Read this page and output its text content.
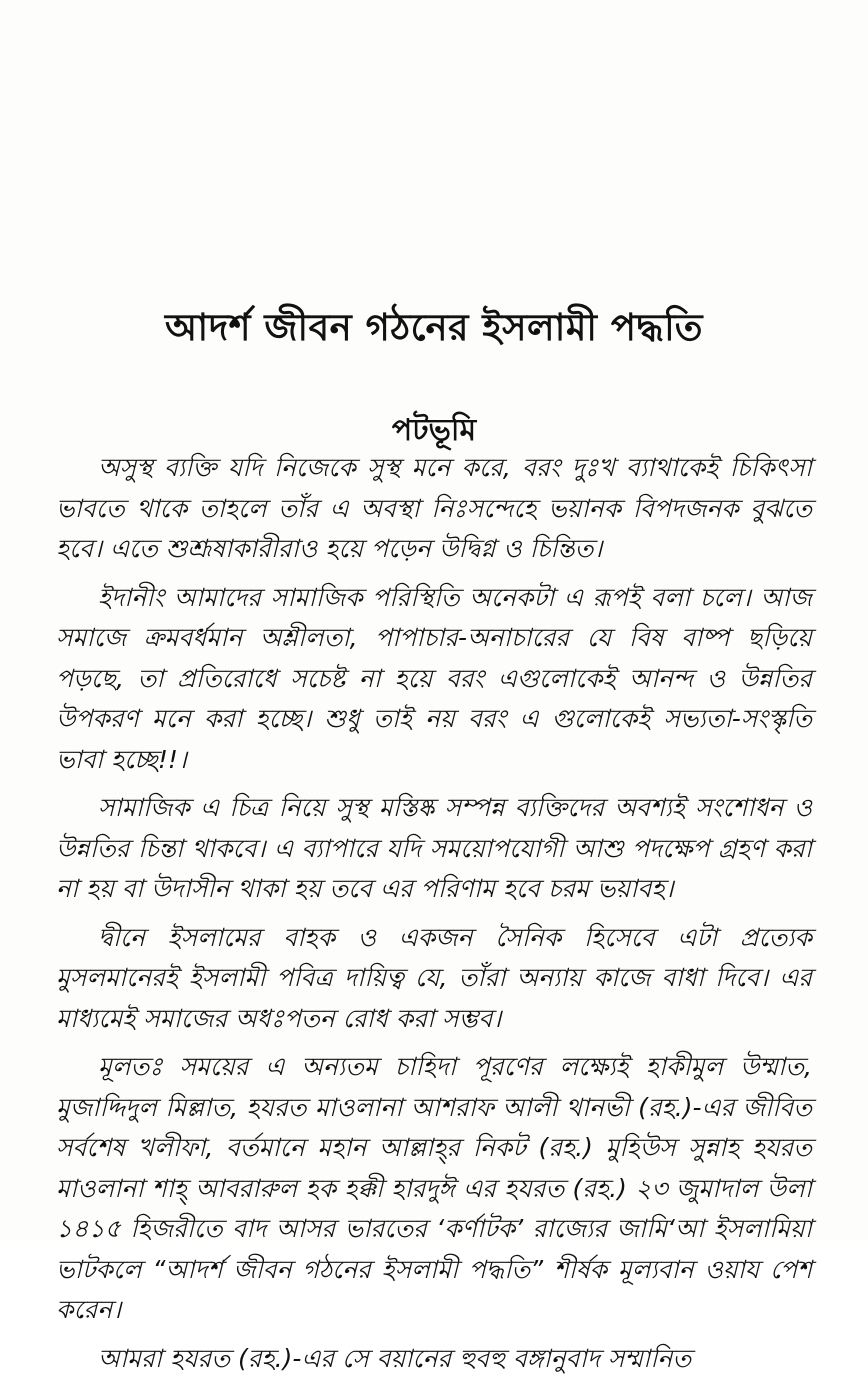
আদর্শ জীবন গঠনের ইসলামী পদ্ধতি
পটভূমি

অসুস্থ ব্যক্তি যদি নিজেকে সুস্থ মনে করে, বরং দুঃখ ব্যাথাকেই চিকিৎসা ভাবতে থাকে তাহলে তাঁর এ অবস্থা নিঃসন্দেহে ভয়ানক বিপদজনক বুঝতে হবে। এতে শুশ্রূষাকারীরাও হয়ে পড়েন উদ্বিগ্ন ও চিন্তিত।

ইদানীং আমাদের সামাজিক পরিস্থিতি অনেকটা এ রূপই বলা চলে। আজ সমাজে ক্রমবর্ধমান অশ্লীলতা, পাপাচার-অনাচারের যে বিষ বাষ্প ছড়িয়ে পড়ছে, তা প্রতিরোধে সচেষ্ট না হয়ে বরং এগুলোকেই আনন্দ ও উন্নতির উপকরণ মনে করা হচ্ছে। শুধু তাই নয় বরং এ গুলোকেই সভ্যতা-সংস্কৃতি ভাবা হচ্ছে!!।

সামাজিক এ চিত্র নিয়ে সুস্থ মস্তিষ্ক সম্পন্ন ব্যক্তিদের অবশ্যই সংশোধন ও উন্নতির চিন্তা থাকবে। এ ব্যাপারে যদি সময়োপযোগী আশু পদক্ষেপ গ্রহণ করা না হয় বা উদাসীন থাকা হয় তবে এর পরিণাম হবে চরম ভয়াবহ।

দ্বীনে ইসলামের বাহক ও একজন সৈনিক হিসেবে এটা প্রত্যেক মুসলমানেরই ইসলামী পবিত্র দায়িত্ব যে, তাঁরা অন্যায় কাজে বাধা দিবে। এর মাধ্যমেই সমাজের অধঃপতন রোধ করা সম্ভব।

মূলতঃ সময়ের এ অন্যতম চাহিদা পূরণের লক্ষ্যেই হাকীমুল উম্মাত, মুজাদ্দিদুল মিল্লাত, হযরত মাওলানা আশরাফ আলী থানভী (রহ.)-এর জীবিত সর্বশেষ খলীফা, বর্তমানে মহান আল্লাহ্‌র নিকট (রহ.) মুহিউস সুন্নাহ হযরত মাওলানা শাহ্‌ আবরারুল হক হক্কী হারদুঈ এর হযরত (রহ.) ২৩ জুমাদাল উলা ১৪১৫ হিজরীতে বাদ আসর ভারতের ‘কর্ণাটক’ রাজ্যের জামি‘আ ইসলামিয়া ভাটকলে “আদর্শ জীবন গঠনের ইসলামী পদ্ধতি” শীর্ষক মূল্যবান ওয়ায পেশ করেন।

আমরা হযরত (রহ.)-এর সে বয়ানের হুবহু বঙ্গানুবাদ সম্মানিত
